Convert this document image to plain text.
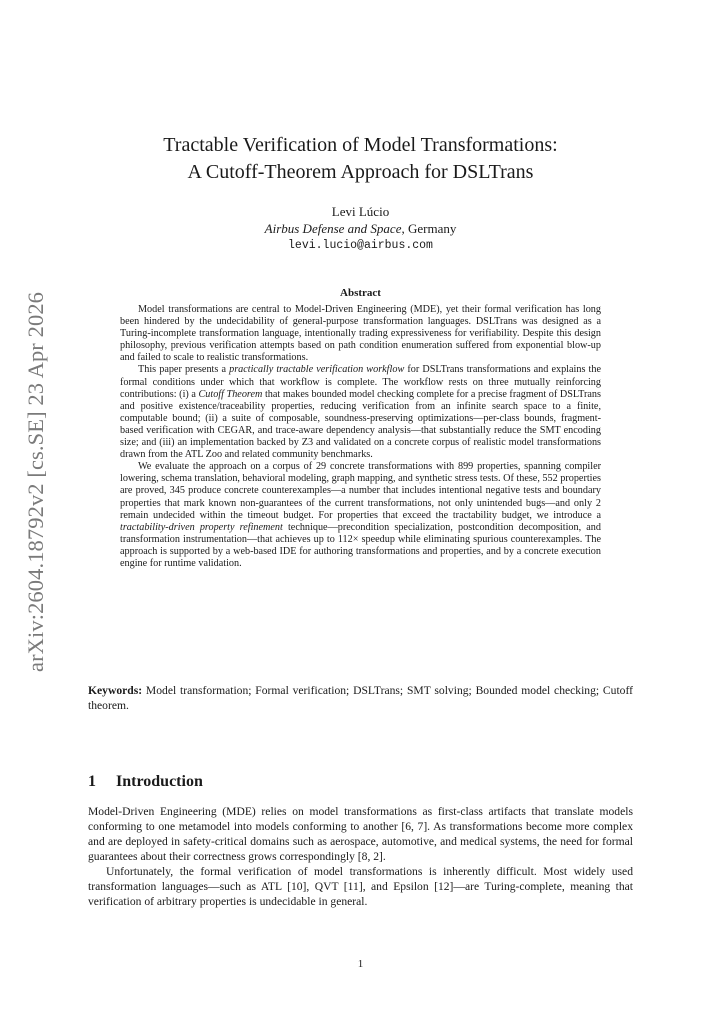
arXiv:2604.18792v2 [cs.SE] 23 Apr 2026
Tractable Verification of Model Transformations:
A Cutoff-Theorem Approach for DSLTrans
Levi Lúcio
Airbus Defense and Space, Germany
levi.lucio@airbus.com
Abstract

Model transformations are central to Model-Driven Engineering (MDE), yet their formal verification has long been hindered by the undecidability of general-purpose transformation languages. DSLTrans was designed as a Turing-incomplete transformation language, intentionally trading expressiveness for verifiability. Despite this design philosophy, previous verification attempts based on path condition enumeration suffered from exponential blow-up and failed to scale to realistic transformations.

This paper presents a practically tractable verification workflow for DSLTrans transformations and explains the formal conditions under which that workflow is complete. The workflow rests on three mutually reinforcing contributions: (i) a Cutoff Theorem that makes bounded model checking complete for a precise fragment of DSLTrans and positive existence/traceability properties, reducing verification from an infinite search space to a finite, computable bound; (ii) a suite of composable, soundness-preserving optimizations—per-class bounds, fragment-based verification with CEGAR, and trace-aware dependency analysis—that substantially reduce the SMT encoding size; and (iii) an implementation backed by Z3 and validated on a concrete corpus of realistic model transformations drawn from the ATL Zoo and related community benchmarks.

We evaluate the approach on a corpus of 29 concrete transformations with 899 properties, spanning compiler lowering, schema translation, behavioral modeling, graph mapping, and synthetic stress tests. Of these, 552 properties are proved, 345 produce concrete counterexamples—a number that includes intentional negative tests and boundary properties that mark known non-guarantees of the current transformations, not only unintended bugs—and only 2 remain undecided within the timeout budget. For properties that exceed the tractability budget, we introduce a tractability-driven property refinement technique—precondition specialization, postcondition decomposition, and transformation instrumentation—that achieves up to 112× speedup while eliminating spurious counterexamples. The approach is supported by a web-based IDE for authoring transformations and properties, and by a concrete execution engine for runtime validation.

Keywords: Model transformation; Formal verification; DSLTrans; SMT solving; Bounded model checking; Cutoff theorem.
1 Introduction

Model-Driven Engineering (MDE) relies on model transformations as first-class artifacts that translate models conforming to one metamodel into models conforming to another [6, 7]. As transformations become more complex and are deployed in safety-critical domains such as aerospace, automotive, and medical systems, the need for formal guarantees about their correctness grows correspondingly [8, 2].

Unfortunately, the formal verification of model transformations is inherently difficult. Most widely used transformation languages—such as ATL [10], QVT [11], and Epsilon [12]—are Turing-complete, meaning that verification of arbitrary properties is undecidable in general.

1
